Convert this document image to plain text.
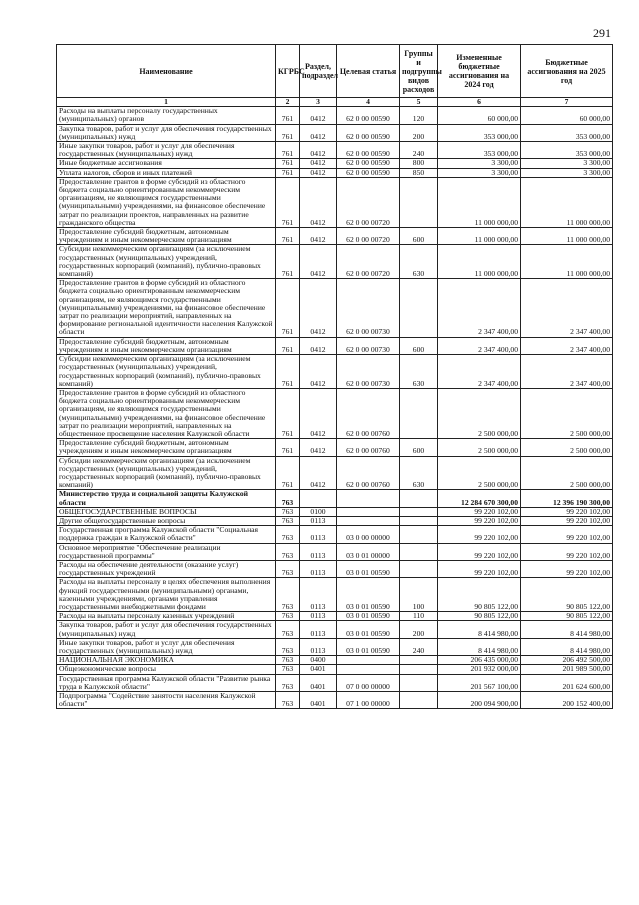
291
Наименование	КГРБС	Раздел, подраздел	Целевая статья	Группы и подгруппы видов расходов	Измененные бюджетные ассигнования на 2024 год	Бюджетные ассигнования на 2025 год
1	2	3	4	5	6	7
Расходы на выплаты персоналу государственных (муниципальных) органов	761	0412	62 0 00 00590	120	60 000,00	60 000,00
Закупка товаров, работ и услуг для обеспечения государственных (муниципальных) нужд	761	0412	62 0 00 00590	200	353 000,00	353 000,00
Иные закупки товаров, работ и услуг для обеспечения государственных (муниципальных) нужд	761	0412	62 0 00 00590	240	353 000,00	353 000,00
Иные бюджетные ассигнования	761	0412	62 0 00 00590	800	3 300,00	3 300,00
Уплата налогов, сборов и иных платежей	761	0412	62 0 00 00590	850	3 300,00	3 300,00
Предоставление грантов в форме субсидий из областного бюджета социально ориентированным некоммерческим организациям, не являющимся государственными (муниципальными) учреждениями, на финансовое обеспечение затрат по реализации проектов, направленных на развитие гражданского общества	761	0412	62 0 00 00720		11 000 000,00	11 000 000,00
Предоставление субсидий бюджетным, автономным учреждениям и иным некоммерческим организациям	761	0412	62 0 00 00720	600	11 000 000,00	11 000 000,00
Субсидии некоммерческим организациям (за исключением государственных (муниципальных) учреждений, государственных корпораций (компаний), публично-правовых компаний)	761	0412	62 0 00 00720	630	11 000 000,00	11 000 000,00
Предоставление грантов в форме субсидий из областного бюджета социально ориентированным некоммерческим организациям, не являющимся государственными (муниципальными) учреждениями, на финансовое обеспечение затрат по реализации мероприятий, направленных на формирование региональной идентичности населения Калужской области	761	0412	62 0 00 00730		2 347 400,00	2 347 400,00
Предоставление субсидий бюджетным, автономным учреждениям и иным некоммерческим организациям	761	0412	62 0 00 00730	600	2 347 400,00	2 347 400,00
Субсидии некоммерческим организациям (за исключением государственных (муниципальных) учреждений, государственных корпораций (компаний), публично-правовых компаний)	761	0412	62 0 00 00730	630	2 347 400,00	2 347 400,00
Предоставление грантов в форме субсидий из областного бюджета социально ориентированным некоммерческим организациям, не являющимся государственными (муниципальными) учреждениями, на финансовое обеспечение затрат по реализации мероприятий, направленных на общественное просвещение населения Калужской области	761	0412	62 0 00 00760		2 500 000,00	2 500 000,00
Предоставление субсидий бюджетным, автономным учреждениям и иным некоммерческим организациям	761	0412	62 0 00 00760	600	2 500 000,00	2 500 000,00
Субсидии некоммерческим организациям (за исключением государственных (муниципальных) учреждений, государственных корпораций (компаний), публично-правовых компаний)	761	0412	62 0 00 00760	630	2 500 000,00	2 500 000,00
Министерство труда и социальной защиты Калужской области	763				12 284 670 300,00	12 396 190 300,00
ОБЩЕГОСУДАРСТВЕННЫЕ ВОПРОСЫ	763	0100			99 220 102,00	99 220 102,00
Другие общегосударственные вопросы	763	0113			99 220 102,00	99 220 102,00
Государственная программа Калужской области "Социальная поддержка граждан в Калужской области"	763	0113	03 0 00 00000		99 220 102,00	99 220 102,00
Основное мероприятие "Обеспечение реализации государственной программы"	763	0113	03 0 01 00000		99 220 102,00	99 220 102,00
Расходы на обеспечение деятельности (оказание услуг) государственных учреждений	763	0113	03 0 01 00590		99 220 102,00	99 220 102,00
Расходы на выплаты персоналу в целях обеспечения выполнения функций государственными (муниципальными) органами, казенными учреждениями, органами управления государственными внебюджетными фондами	763	0113	03 0 01 00590	100	90 805 122,00	90 805 122,00
Расходы на выплаты персоналу казенных учреждений	763	0113	03 0 01 00590	110	90 805 122,00	90 805 122,00
Закупка товаров, работ и услуг для обеспечения государственных (муниципальных) нужд	763	0113	03 0 01 00590	200	8 414 980,00	8 414 980,00
Иные закупки товаров, работ и услуг для обеспечения государственных (муниципальных) нужд	763	0113	03 0 01 00590	240	8 414 980,00	8 414 980,00
НАЦИОНАЛЬНАЯ ЭКОНОМИКА	763	0400			206 435 000,00	206 492 500,00
Общеэкономические вопросы	763	0401			201 932 000,00	201 989 500,00
Государственная программа Калужской области "Развитие рынка труда в Калужской области"	763	0401	07 0 00 00000		201 567 100,00	201 624 600,00
Подпрограмма "Содействие занятости населения Калужской области"	763	0401	07 1 00 00000		200 094 900,00	200 152 400,00
